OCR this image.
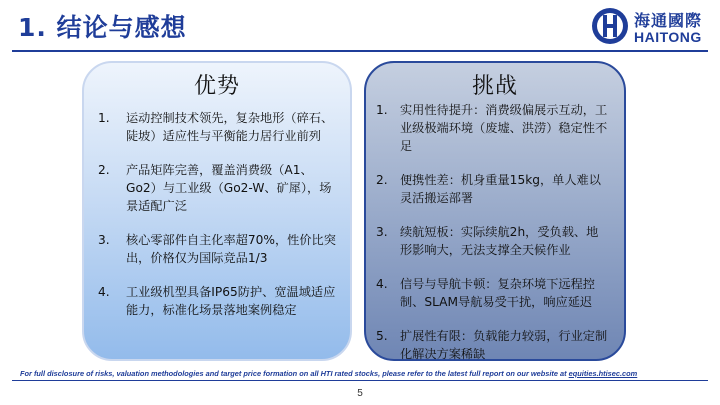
1. 结论与感想	海通國際
HAITONG
优势
1.	运动控制技术领先，复杂地形（碎石、陡坡）适应性与平衡能力居行业前列
2.	产品矩阵完善，覆盖消费级（A1、Go2）与工业级（Go2-W、矿犀），场景适配广泛
3.	核心零部件自主化率超70%，性价比突出，价格仅为国际竞品1/3
4.	工业级机型具备IP65防护、宽温域适应能力，标准化场景落地案例稳定
挑战
1.	实用性待提升：消费级偏展示互动，工业级极端环境（废墟、洪涝）稳定性不足
2.	便携性差：机身重量15kg，单人难以灵活搬运部署
3.	续航短板：实际续航2h，受负载、地形影响大，无法支撑全天候作业
4.	信号与导航卡顿：复杂环境下远程控制、SLAM导航易受干扰，响应延迟
5.	扩展性有限：负载能力较弱，行业定制化解决方案稀缺
For full disclosure of risks, valuation methodologies and target price formation on all HTI rated stocks, please refer to the latest full report on our website at equities.htisec.com
5
